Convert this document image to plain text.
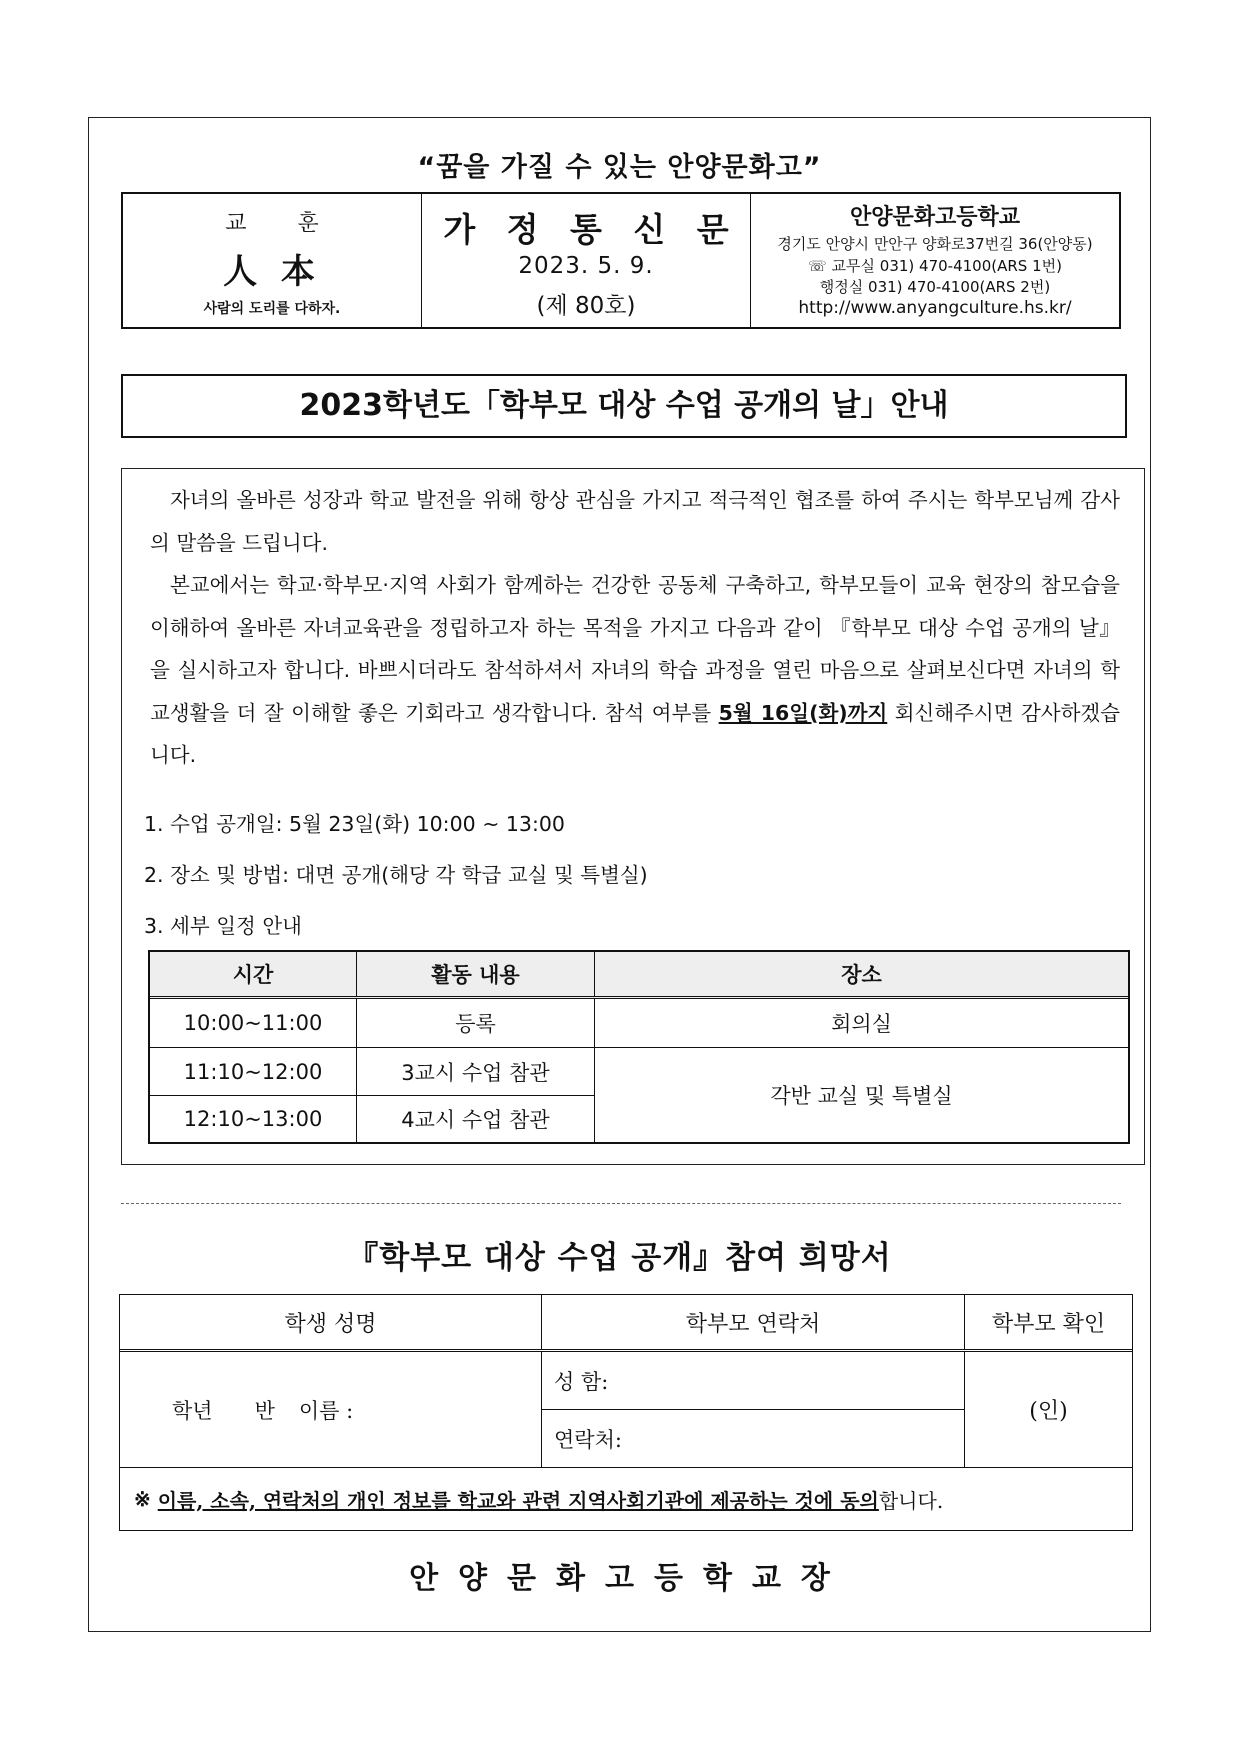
“꿈을 가질 수 있는 안양문화고”
교 훈
人 本
사람의 도리를 다하자.
가 정 통 신 문
2023. 5. 9.
(제 80호)
안양문화고등학교
경기도 안양시 만안구 양화로37번길 36(안양동)
☏ 교무실 031) 470-4100(ARS 1번)
행정실 031) 470-4100(ARS 2번)
http://www.anyangculture.hs.kr/
2023학년도「학부모 대상 수업 공개의 날」안내
자녀의 올바른 성장과 학교 발전을 위해 항상 관심을 가지고 적극적인 협조를 하여 주시는 학부모님께 감사의 말씀을 드립니다.
본교에서는 학교·학부모·지역 사회가 함께하는 건강한 공동체 구축하고, 학부모들이 교육 현장의 참모습을 이해하여 올바른 자녀교육관을 정립하고자 하는 목적을 가지고 다음과 같이 『학부모 대상 수업 공개의 날』을 실시하고자 합니다. 바쁘시더라도 참석하셔서 자녀의 학습 과정을 열린 마음으로 살펴보신다면 자녀의 학교생활을 더 잘 이해할 좋은 기회라고 생각합니다. 참석 여부를 5월 16일(화)까지 회신해주시면 감사하겠습니다.
1. 수업 공개일: 5월 23일(화) 10:00 ~ 13:00
2. 장소 및 방법: 대면 공개(해당 각 학급 교실 및 특별실)
3. 세부 일정 안내
시간	활동 내용	장소
10:00~11:00	등록	회의실
11:10~12:00	3교시 수업 참관
12:10~13:00	4교시 수업 참관
각반 교실 및 특별실
『학부모 대상 수업 공개』참여 희망서
학생 성명	학부모 연락처	학부모 확인
학년 반 이름 :
성 함:
연락처:
(인)
※ 이름, 소속, 연락처의 개인 정보를 학교와 관련 지역사회기관에 제공하는 것에 동의 합니다.
안양문화고등학교장
